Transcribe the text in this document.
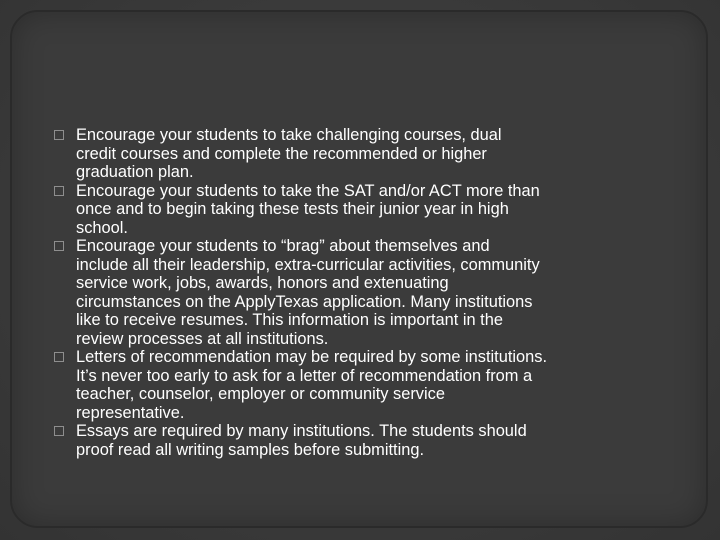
Encourage your students to take challenging courses, dual
credit courses and complete the recommended or higher
graduation plan.
Encourage your students to take the SAT and/or ACT more than
once and to begin taking these tests their junior year in high
school.
Encourage your students to “brag” about themselves and
include all their leadership, extra-curricular activities, community
service work, jobs, awards, honors and extenuating
circumstances on the ApplyTexas application. Many institutions
like to receive resumes. This information is important in the
review processes at all institutions.
Letters of recommendation may be required by some institutions.
It’s never too early to ask for a letter of recommendation from a
teacher, counselor, employer or community service
representative.
Essays are required by many institutions. The students should
proof read all writing samples before submitting.
